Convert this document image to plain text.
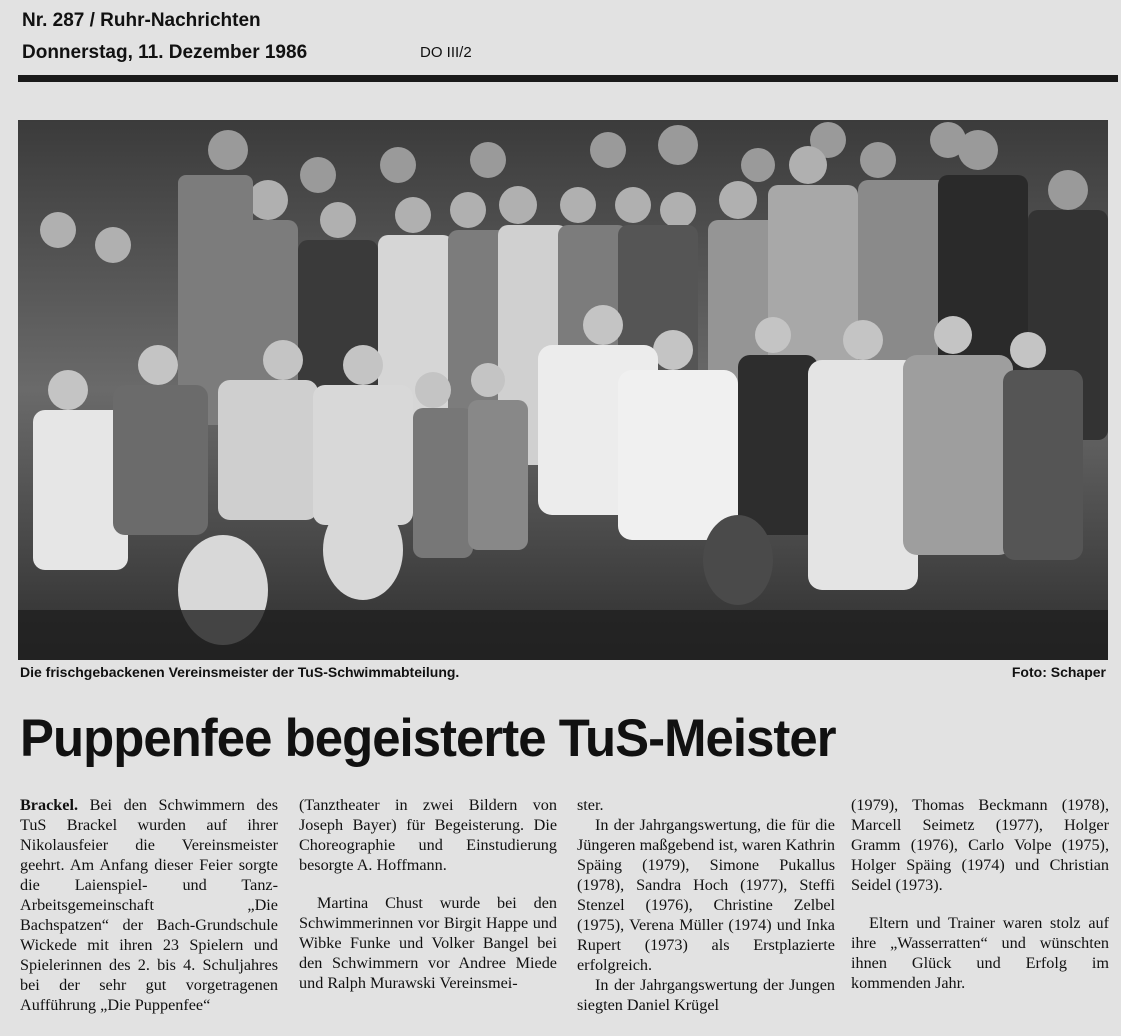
Nr. 287 / Ruhr-Nachrichten
Donnerstag, 11. Dezember 1986	DO III/2
Die frischgebackenen Vereinsmeister der TuS-Schwimmabteilung.	Foto: Schaper
Puppenfee begeisterte TuS-Meister

Brackel. Bei den Schwimmern des TuS Brackel wurden auf ihrer Nikolausfeier die Vereinsmeister geehrt. Am Anfang dieser Feier sorgte die Laienspiel- und Tanz-Arbeitsgemeinschaft „Die Bachspatzen“ der Bach-Grundschule Wickede mit ihren 23 Spielern und Spielerinnen des 2. bis 4. Schuljahres bei der sehr gut vorgetragenen Aufführung „Die Puppenfee“

(Tanztheater in zwei Bildern von Joseph Bayer) für Begeisterung. Die Choreographie und Einstudierung besorgte A. Hoffmann.

Martina Chust wurde bei den Schwimmerinnen vor Birgit Happe und Wibke Funke und Volker Bangel bei den Schwimmern vor Andree Miede und Ralph Murawski Vereinsmei-

ster.

In der Jahrgangswertung, die für die Jüngeren maßgebend ist, waren Kathrin Späing (1979), Simone Pukallus (1978), Sandra Hoch (1977), Steffi Stenzel (1976), Christine Zelbel (1975), Verena Müller (1974) und Inka Rupert (1973) als Erstplazierte erfolgreich.

In der Jahrgangswertung der Jungen siegten Daniel Krügel

(1979), Thomas Beckmann (1978), Marcell Seimetz (1977), Holger Gramm (1976), Carlo Volpe (1975), Holger Späing (1974) und Christian Seidel (1973).

Eltern und Trainer waren stolz auf ihre „Wasserratten“ und wünschten ihnen Glück und Erfolg im kommenden Jahr.
